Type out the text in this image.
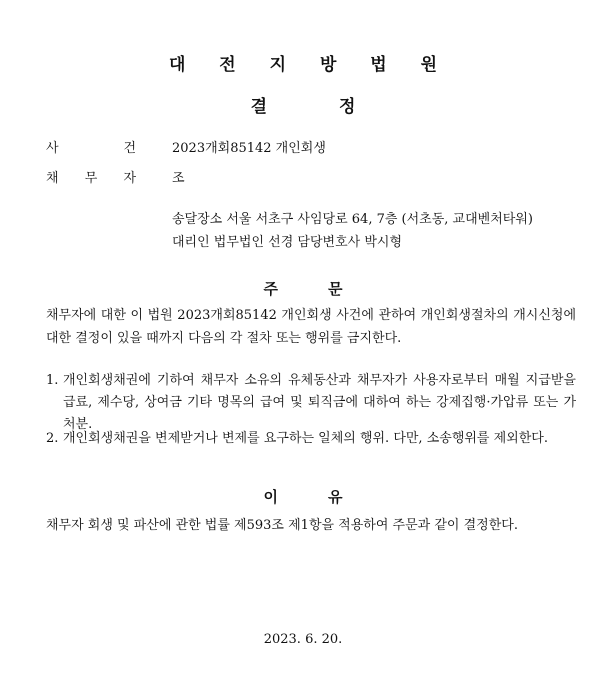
대 전 지 방 법 원
결	정
사	건	2023개회85142 개인회생
채 무 자	조
송달장소 서울 서초구 사임당로 64, 7층 (서초동, 교대벤처타워)
대리인 법무법인 선경 담당변호사 박시형
주	문
채무자에 대한 이 법원 2023개회85142 개인회생 사건에 관하여 개인회생절차의 개시신청에 대한 결정이 있을 때까지 다음의 각 절차 또는 행위를 금지한다.
1. 개인회생채권에 기하여 채무자 소유의 유체동산과 채무자가 사용자로부터 매월 지급받을 급료, 제수당, 상여금 기타 명목의 급여 및 퇴직금에 대하여 하는 강제집행·가압류 또는 가처분.
2. 개인회생채권을 변제받거나 변제를 요구하는 일체의 행위. 다만, 소송행위를 제외한다.
이	유
채무자 회생 및 파산에 관한 법률 제593조 제1항을 적용하여 주문과 같이 결정한다.
2023. 6. 20.
